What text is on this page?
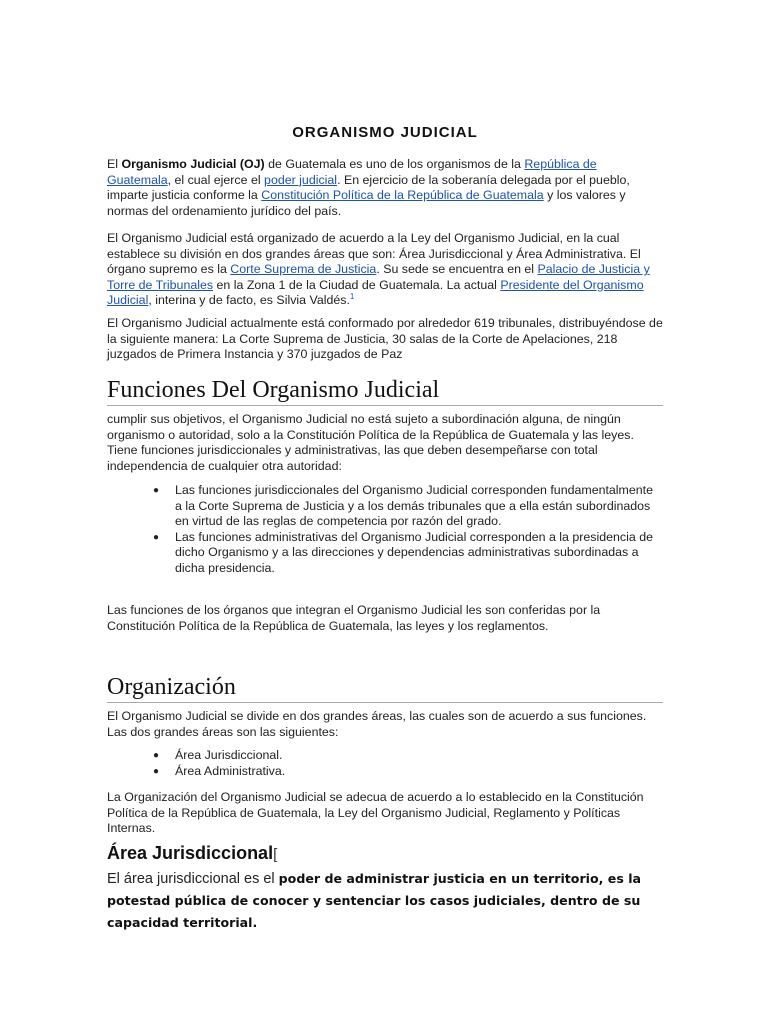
ORGANISMO JUDICIAL
El Organismo Judicial (OJ) de Guatemala es uno de los organismos de la República de Guatemala, el cual ejerce el poder judicial. En ejercicio de la soberanía delegada por el pueblo, imparte justicia conforme la Constitución Política de la República de Guatemala y los valores y normas del ordenamiento jurídico del país.
El Organismo Judicial está organizado de acuerdo a la Ley del Organismo Judicial, en la cual establece su división en dos grandes áreas que son: Área Jurisdiccional y Área Administrativa. El órgano supremo es la Corte Suprema de Justicia. Su sede se encuentra en el Palacio de Justicia y Torre de Tribunales en la Zona 1 de la Ciudad de Guatemala. La actual Presidente del Organismo Judicial, interina y de facto, es Silvia Valdés.$^1$
El Organismo Judicial actualmente está conformado por alrededor 619 tribunales, distribuyéndose de la siguiente manera: La Corte Suprema de Justicia, 30 salas de la Corte de Apelaciones, 218 juzgados de Primera Instancia y 370 juzgados de Paz
Funciones Del Organismo Judicial
cumplir sus objetivos, el Organismo Judicial no está sujeto a subordinación alguna, de ningún organismo o autoridad, solo a la Constitución Política de la República de Guatemala y las leyes. Tiene funciones jurisdiccionales y administrativas, las que deben desempeñarse con total independencia de cualquier otra autoridad:
● Las funciones jurisdiccionales del Organismo Judicial corresponden fundamentalmente a la Corte Suprema de Justicia y a los demás tribunales que a ella están subordinados en virtud de las reglas de competencia por razón del grado.
● Las funciones administrativas del Organismo Judicial corresponden a la presidencia de dicho Organismo y a las direcciones y dependencias administrativas subordinadas a dicha presidencia.
Las funciones de los órganos que integran el Organismo Judicial les son conferidas por la Constitución Política de la República de Guatemala, las leyes y los reglamentos.
Organización
El Organismo Judicial se divide en dos grandes áreas, las cuales son de acuerdo a sus funciones. Las dos grandes áreas son las siguientes:
● Área Jurisdiccional.
● Área Administrativa.
La Organización del Organismo Judicial se adecua de acuerdo a lo establecido en la Constitución Política de la República de Guatemala, la Ley del Organismo Judicial, Reglamento y Políticas Internas.
Área Jurisdiccional[
El área jurisdiccional es el poder de administrar justicia en un territorio, es la potestad pública de conocer y sentenciar los casos judiciales, dentro de su capacidad territorial.
